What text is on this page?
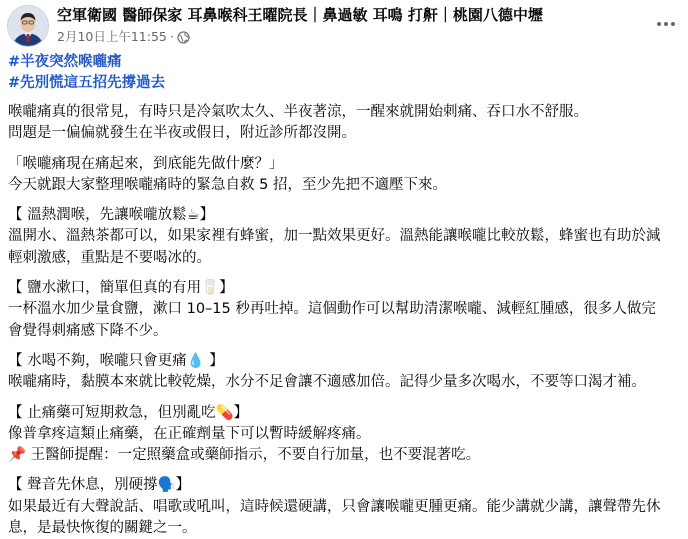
空軍衛國 醫師保家 耳鼻喉科王曜院長｜鼻過敏 耳鳴 打鼾｜桃園八德中壢
2月10日上午11:55 ·
#半夜突然喉嚨痛
#先別慌這五招先撐過去
喉嚨痛真的很常見，有時只是冷氣吹太久、半夜著涼，一醒來就開始刺痛、吞口水不舒服。
問題是一偏偏就發生在半夜或假日，附近診所都沒開。
「喉嚨痛現在痛起來，到底能先做什麼？」
今天就跟大家整理喉嚨痛時的緊急自救 5 招，至少先把不適壓下來。
【 溫熱潤喉，先讓喉嚨放鬆☕】
溫開水、溫熱茶都可以，如果家裡有蜂蜜，加一點效果更好。溫熱能讓喉嚨比較放鬆，蜂蜜也有助於減
輕刺激感，重點是不要喝冰的。
【 鹽水漱口，簡單但真的有用🥛】
一杯溫水加少量食鹽，漱口 10–15 秒再吐掉。這個動作可以幫助清潔喉嚨、減輕紅腫感，很多人做完
會覺得刺痛感下降不少。
【 水喝不夠，喉嚨只會更痛💧 】
喉嚨痛時，黏膜本來就比較乾燥，水分不足會讓不適感加倍。記得少量多次喝水，不要等口渴才補。
【 止痛藥可短期救急，但別亂吃💊】
像普拿疼這類止痛藥，在正確劑量下可以暫時緩解疼痛。
📌 王醫師提醒：一定照藥盒或藥師指示，不要自行加量，也不要混著吃。
【 聲音先休息，別硬撐🗣️】
如果最近有大聲說話、唱歌或吼叫，這時候還硬講，只會讓喉嚨更腫更痛。能少講就少講，讓聲帶先休
息，是最快恢復的關鍵之一。
